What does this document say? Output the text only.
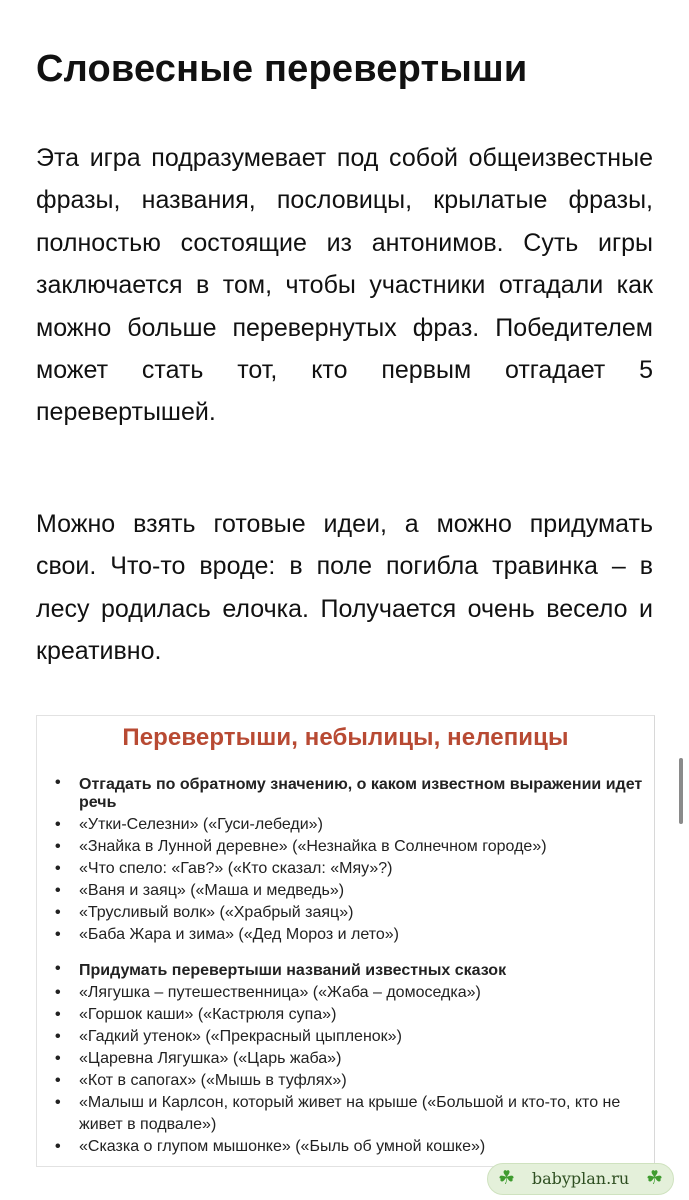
Словесные перевертыши

Эта игра подразумевает под собой общеизвестные фразы, названия, пословицы, крылатые фразы, полностью состоящие из антонимов. Суть игры заключается в том, чтобы участники отгадали как можно больше перевернутых фраз. Победителем может стать тот, кто первым отгадает 5 перевертышей.

Можно взять готовые идеи, а можно придумать свои. Что-то вроде: в поле погибла травинка – в лесу родилась елочка. Получается очень весело и креативно.

Перевертыши, небылицы, нелепицы
• Отгадать по обратному значению, о каком известном выражении идет речь
• «Утки-Селезни» («Гуси-лебеди»)
• «Знайка в Лунной деревне» («Незнайка в Солнечном городе»)
• «Что спело: «Гав?» («Кто сказал: «Мяу»?)
• «Ваня и заяц» («Маша и медведь»)
• «Трусливый волк» («Храбрый заяц»)
• «Баба Жара и зима» («Дед Мороз и лето»)
• Придумать перевертыши названий известных сказок
• «Лягушка – путешественница» («Жаба – домоседка»)
• «Горшок каши» («Кастрюля супа»)
• «Гадкий утенок» («Прекрасный цыпленок»)
• «Царевна Лягушка» («Царь жаба»)
• «Кот в сапогах» («Мышь в туфлях»)
• «Малыш и Карлсон, который живет на крыше («Большой и кто-то, кто не живет в подвале»)
• «Сказка о глупом мышонке» («Быль об умной кошке»)
☘	babyplan.ru ☘
